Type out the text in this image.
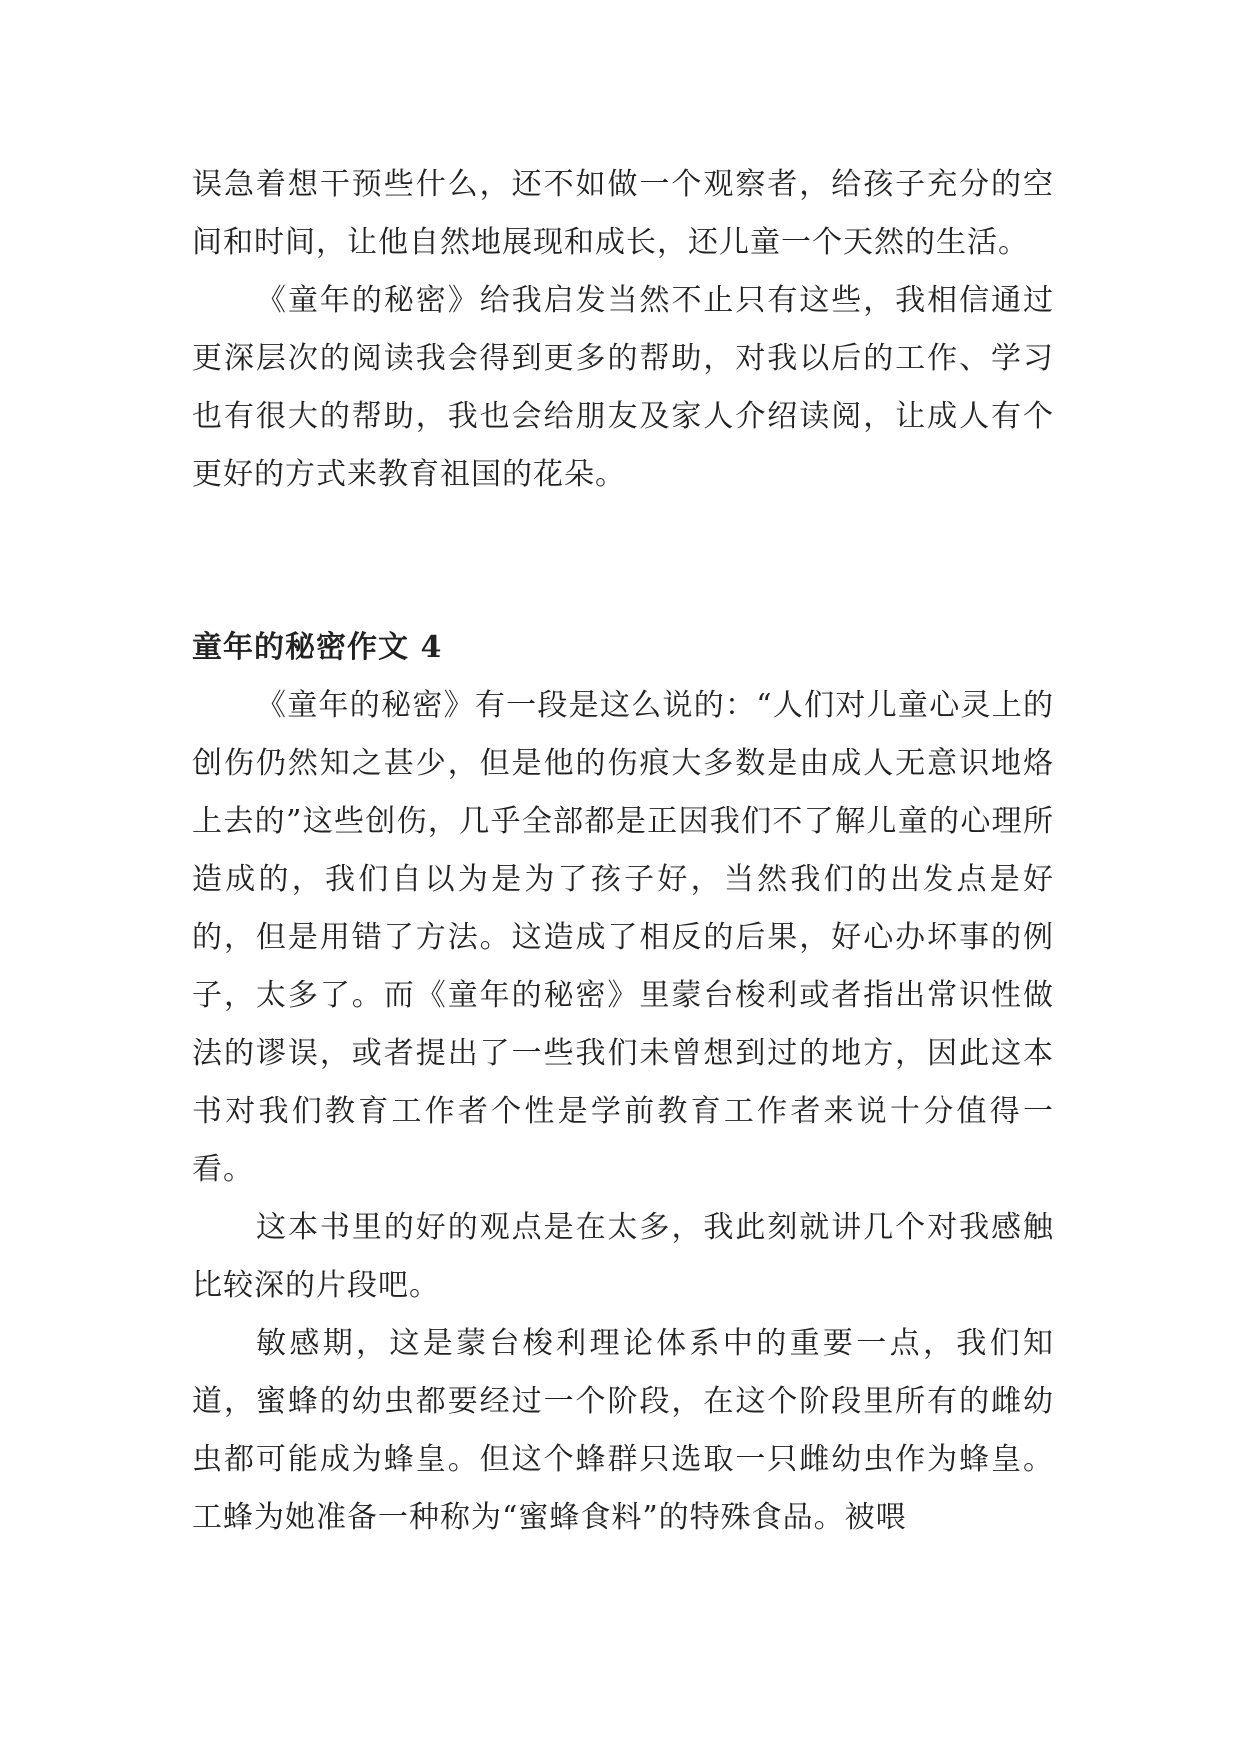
误急着想干预些什么，还不如做一个观察者，给孩子充分的空间和时间，让他自然地展现和成长，还儿童一个天然的生活。

《童年的秘密》给我启发当然不止只有这些，我相信通过更深层次的阅读我会得到更多的帮助，对我以后的工作、学习也有很大的帮助，我也会给朋友及家人介绍读阅，让成人有个更好的方式来教育祖国的花朵。

童年的秘密作文 4

《童年的秘密》有一段是这么说的：“人们对儿童心灵上的创伤仍然知之甚少，但是他的伤痕大多数是由成人无意识地烙上去的”这些创伤，几乎全部都是正因我们不了解儿童的心理所造成的，我们自以为是为了孩子好，当然我们的出发点是好的，但是用错了方法。这造成了相反的后果，好心办坏事的例子，太多了。而《童年的秘密》里蒙台梭利或者指出常识性做法的谬误，或者提出了一些我们未曾想到过的地方，因此这本书对我们教育工作者个性是学前教育工作者来说十分值得一看。

这本书里的好的观点是在太多，我此刻就讲几个对我感触比较深的片段吧。

敏感期，这是蒙台梭利理论体系中的重要一点，我们知道，蜜蜂的幼虫都要经过一个阶段，在这个阶段里所有的雌幼虫都可能成为蜂皇。但这个蜂群只选取一只雌幼虫作为蜂皇。工蜂为她准备一种称为“蜜蜂食料”的特殊食品。被喂
